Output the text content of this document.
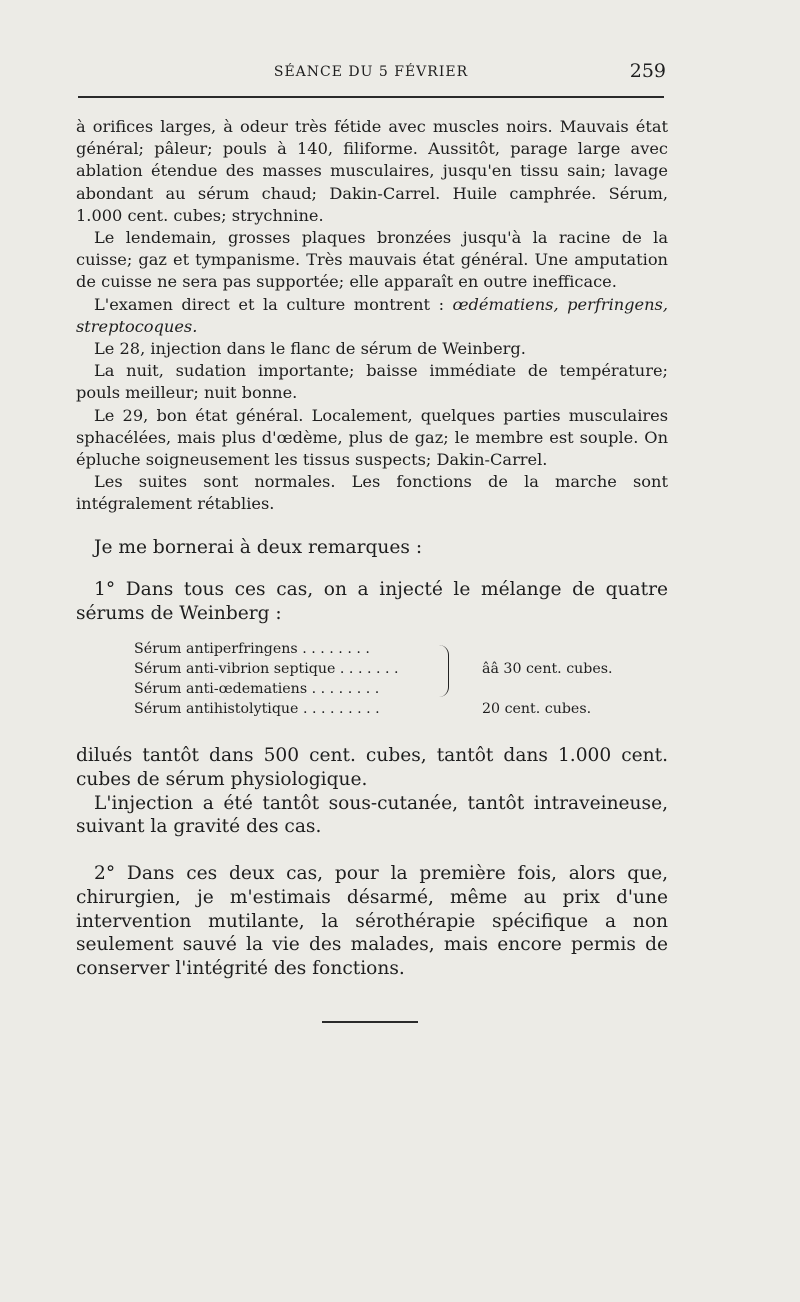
SÉANCE DU 5 FÉVRIER	259

à orifices larges, à odeur très fétide avec muscles noirs. Mauvais état général; pâleur; pouls à 140, filiforme. Aussitôt, parage large avec ablation étendue des masses musculaires, jusqu'en tissu sain; lavage abondant au sérum chaud; Dakin-Carrel. Huile camphrée. Sérum, 1.000 cent. cubes; strychnine.

Le lendemain, grosses plaques bronzées jusqu'à la racine de la cuisse; gaz et tympanisme. Très mauvais état général. Une amputation de cuisse ne sera pas supportée; elle apparaît en outre inefficace.

L'examen direct et la culture montrent : œdématiens, perfringens, streptocoques.

Le 28, injection dans le flanc de sérum de Weinberg.

La nuit, sudation importante; baisse immédiate de température; pouls meilleur; nuit bonne.

Le 29, bon état général. Localement, quelques parties musculaires sphacélées, mais plus d'œdème, plus de gaz; le membre est souple. On épluche soigneusement les tissus suspects; Dakin-Carrel.

Les suites sont normales. Les fonctions de la marche sont intégralement rétablies.

Je me bornerai à deux remarques :

1° Dans tous ces cas, on a injecté le mélange de quatre sérums de Weinberg :

Sérum antiperfringens . . . . . . . .
Sérum anti-vibrion septique . . . . . . .	ââ 30 cent. cubes.
Sérum anti-œdematiens . . . . . . . .
Sérum antihistolytique . . . . . . . . .	20 cent. cubes.

dilués tantôt dans 500 cent. cubes, tantôt dans 1.000 cent. cubes de sérum physiologique.

L'injection a été tantôt sous-cutanée, tantôt intraveineuse, suivant la gravité des cas.

2° Dans ces deux cas, pour la première fois, alors que, chirurgien, je m'estimais désarmé, même au prix d'une intervention mutilante, la sérothérapie spécifique a non seulement sauvé la vie des malades, mais encore permis de conserver l'intégrité des fonctions.
